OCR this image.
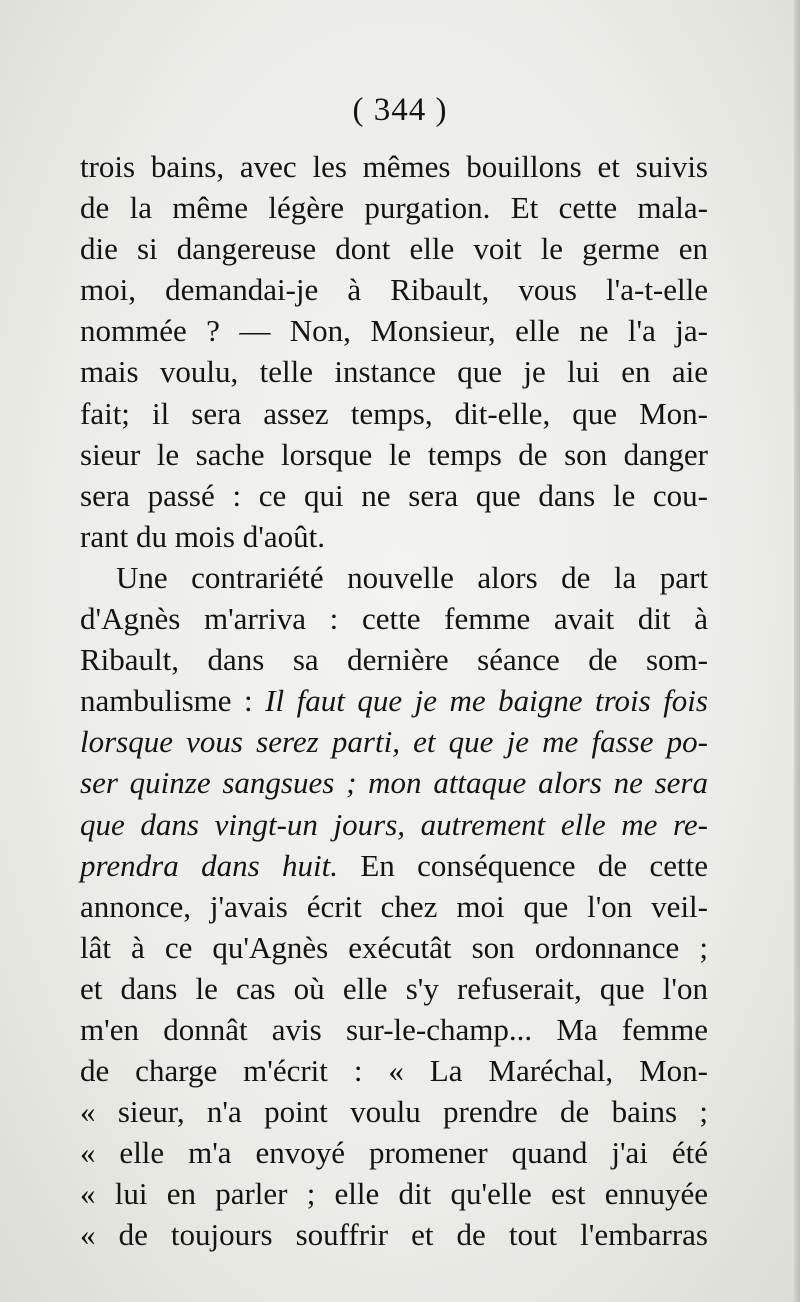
( 344 )
trois bains, avec les mêmes bouillons et suivis
de la même légère purgation. Et cette mala-
die si dangereuse dont elle voit le germe en
moi, demandai-je à Ribault, vous l'a-t-elle
nommée ? — Non, Monsieur, elle ne l'a ja-
mais voulu, telle instance que je lui en aie
fait; il sera assez temps, dit-elle, que Mon-
sieur le sache lorsque le temps de son danger
sera passé : ce qui ne sera que dans le cou-
rant du mois d'août.
Une contrariété nouvelle alors de la part
d'Agnès m'arriva : cette femme avait dit à
Ribault, dans sa dernière séance de som-
nambulisme : Il faut que je me baigne trois fois
lorsque vous serez parti, et que je me fasse po-
ser quinze sangsues ; mon attaque alors ne sera
que dans vingt-un jours, autrement elle me re-
prendra dans huit. En conséquence de cette
annonce, j'avais écrit chez moi que l'on veil-
lât à ce qu'Agnès exécutât son ordonnance ;
et dans le cas où elle s'y refuserait, que l'on
m'en donnât avis sur-le-champ... Ma femme
de charge m'écrit : « La Maréchal, Mon-
« sieur, n'a point voulu prendre de bains ;
« elle m'a envoyé promener quand j'ai été
« lui en parler ; elle dit qu'elle est ennuyée
« de toujours souffrir et de tout l'embarras
